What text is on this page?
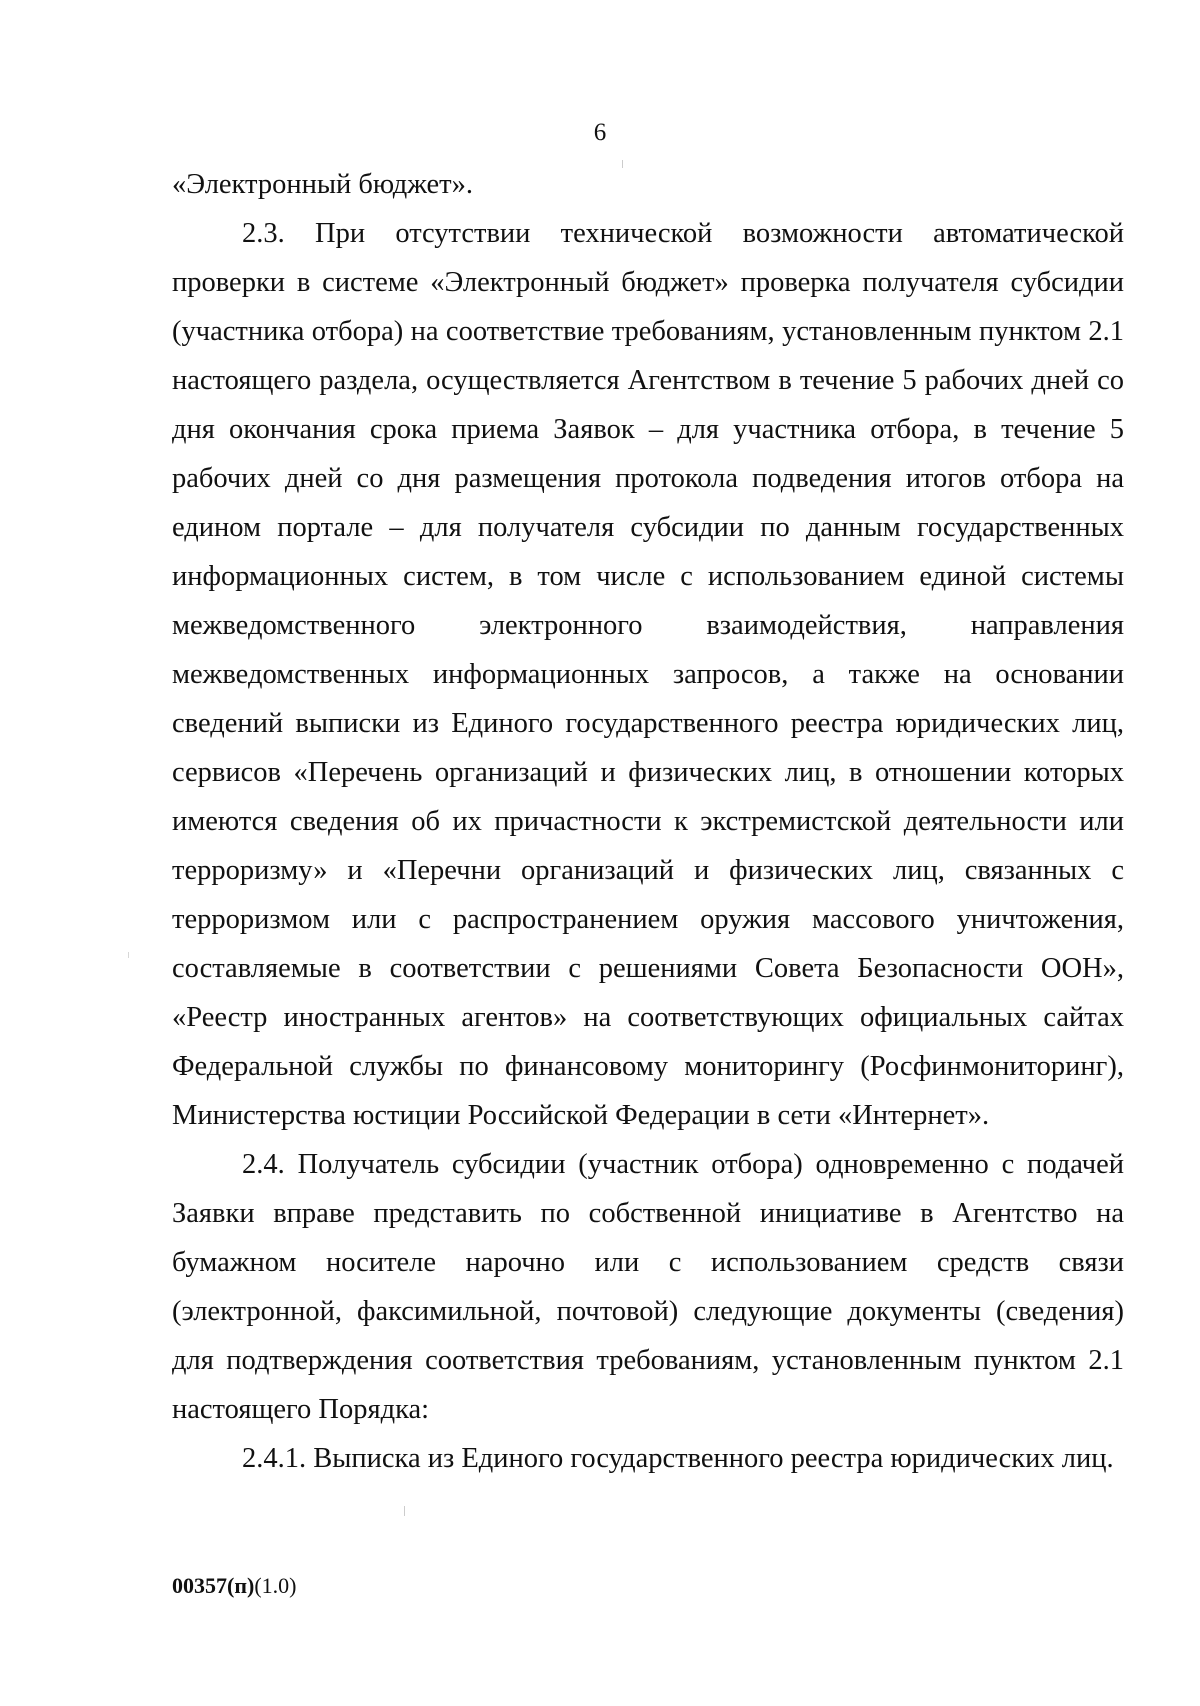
6

«Электронный бюджет».

2.3. При отсутствии технической возможности автоматической проверки в системе «Электронный бюджет» проверка получателя субсидии (участника отбора) на соответствие требованиям, установленным пунктом 2.1 настоящего раздела, осуществляется Агентством в течение 5 рабочих дней со дня окончания срока приема Заявок – для участника отбора, в течение 5 рабочих дней со дня размещения протокола подведения итогов отбора на едином портале – для получателя субсидии по данным государственных информационных систем, в том числе с использованием единой системы межведомственного электронного взаимодействия, направления межведомственных информационных запросов, а также на основании сведений выписки из Единого государственного реестра юридических лиц, сервисов «Перечень организаций и физических лиц, в отношении которых имеются сведения об их причастности к экстремистской деятельности или терроризму» и «Перечни организаций и физических лиц, связанных с терроризмом или с распространением оружия массового уничтожения, составляемые в соответствии с решениями Совета Безопасности ООН», «Реестр иностранных агентов» на соответствующих официальных сайтах Федеральной службы по финансовому мониторингу (Росфинмониторинг), Министерства юстиции Российской Федерации в сети «Интернет».

2.4. Получатель субсидии (участник отбора) одновременно с подачей Заявки вправе представить по собственной инициативе в Агентство на бумажном носителе нарочно или с использованием средств связи (электронной, факсимильной, почтовой) следующие документы (сведения) для подтверждения соответствия требованиям, установленным пунктом 2.1 настоящего Порядка:

2.4.1. Выписка из Единого государственного реестра юридических лиц.

00357(п)(1.0)
